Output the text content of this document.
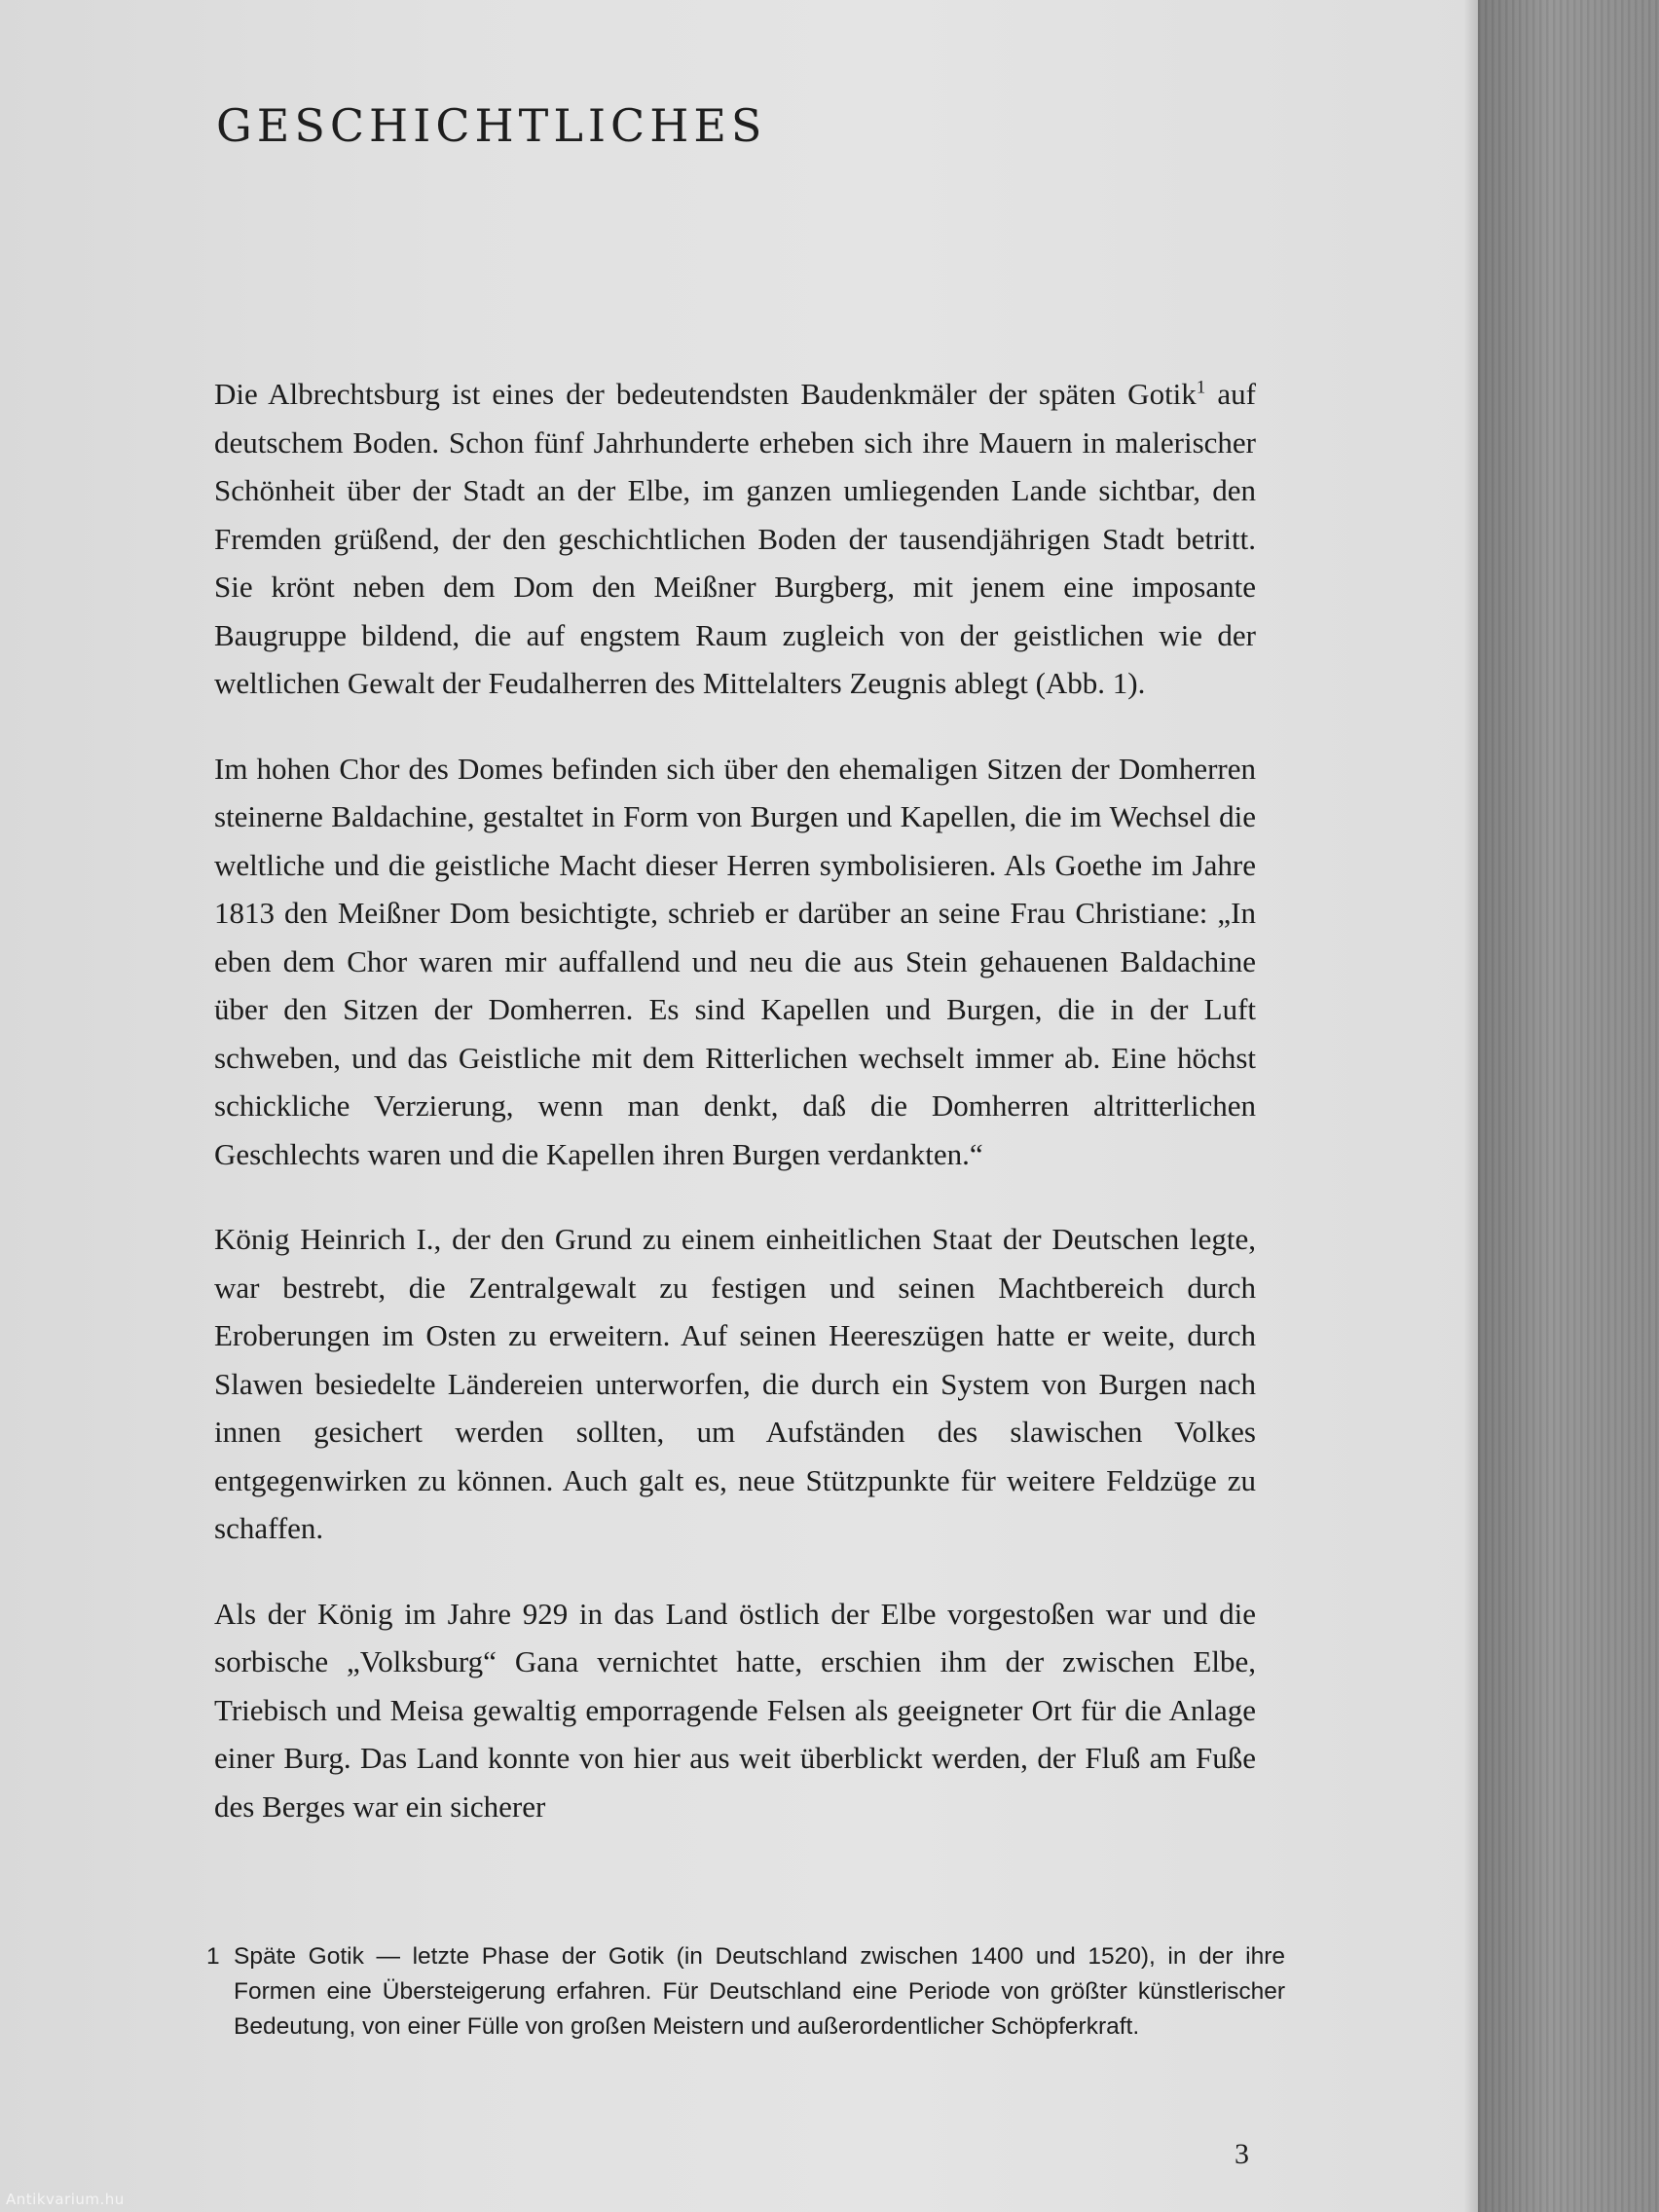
GESCHICHTLICHES

Die Albrechtsburg ist eines der bedeutendsten Baudenkmäler der späten Gotik$^1$ auf deutschem Boden. Schon fünf Jahrhunderte erheben sich ihre Mauern in malerischer Schönheit über der Stadt an der Elbe, im ganzen umliegenden Lande sichtbar, den Fremden grüßend, der den geschichtlichen Boden der tausendjährigen Stadt betritt. Sie krönt neben dem Dom den Meißner Burgberg, mit jenem eine imposante Baugruppe bildend, die auf engstem Raum zugleich von der geistlichen wie der weltlichen Gewalt der Feudalherren des Mittelalters Zeugnis ablegt (Abb. 1).

Im hohen Chor des Domes befinden sich über den ehemaligen Sitzen der Domherren steinerne Baldachine, gestaltet in Form von Burgen und Kapellen, die im Wechsel die weltliche und die geistliche Macht dieser Herren symbolisieren. Als Goethe im Jahre 1813 den Meißner Dom besichtigte, schrieb er darüber an seine Frau Christiane: „In eben dem Chor waren mir auffallend und neu die aus Stein gehauenen Baldachine über den Sitzen der Domherren. Es sind Kapellen und Burgen, die in der Luft schweben, und das Geistliche mit dem Ritterlichen wechselt immer ab. Eine höchst schickliche Verzierung, wenn man denkt, daß die Domherren altritterlichen Geschlechts waren und die Kapellen ihren Burgen verdankten.“

König Heinrich I., der den Grund zu einem einheitlichen Staat der Deutschen legte, war bestrebt, die Zentralgewalt zu festigen und seinen Machtbereich durch Eroberungen im Osten zu erweitern. Auf seinen Heereszügen hatte er weite, durch Slawen besiedelte Ländereien unterworfen, die durch ein System von Burgen nach innen gesichert werden sollten, um Aufständen des slawischen Volkes entgegenwirken zu können. Auch galt es, neue Stützpunkte für weitere Feldzüge zu schaffen.

Als der König im Jahre 929 in das Land östlich der Elbe vorgestoßen war und die sorbische „Volksburg“ Gana vernichtet hatte, erschien ihm der zwischen Elbe, Triebisch und Meisa gewaltig emporragende Felsen als geeigneter Ort für die Anlage einer Burg. Das Land konnte von hier aus weit überblickt werden, der Fluß am Fuße des Berges war ein sicherer

1 Späte Gotik — letzte Phase der Gotik (in Deutschland zwischen 1400 und 1520), in der ihre Formen eine Übersteigerung erfahren. Für Deutschland eine Periode von größter künstlerischer Bedeutung, von einer Fülle von großen Meistern und außerordentlicher Schöpferkraft.

3
Antikvarium.hu
